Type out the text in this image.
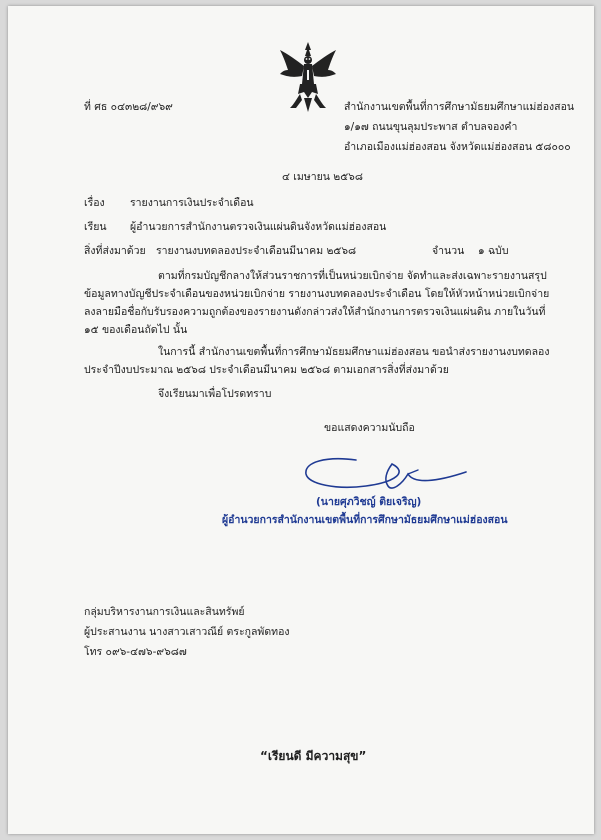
ที่ ศธ ๐๔๓๒๘/๙๖๙	สำนักงานเขตพื้นที่การศึกษามัธยมศึกษาแม่ฮ่องสอน
๑/๑๗ ถนนขุนลุมประพาส ตำบลจองคำ
อำเภอเมืองแม่ฮ่องสอน จังหวัดแม่ฮ่องสอน ๕๘๐๐๐
๔ เมษายน ๒๕๖๘
เรื่อง รายงานการเงินประจำเดือน
เรียน ผู้อำนวยการสำนักงานตรวจเงินแผ่นดินจังหวัดแม่ฮ่องสอน
สิ่งที่ส่งมาด้วย รายงานงบทดลองประจำเดือนมีนาคม ๒๕๖๘	จำนวน ๑ ฉบับ
ตามที่กรมบัญชีกลางให้ส่วนราชการที่เป็นหน่วยเบิกจ่าย จัดทำและส่งเฉพาะรายงานสรุป
ข้อมูลทางบัญชีประจำเดือนของหน่วยเบิกจ่าย รายงานงบทดลองประจำเดือน โดยให้หัวหน้าหน่วยเบิกจ่าย
ลงลายมือชื่อกับรับรองความถูกต้องของรายงานดังกล่าวส่งให้สำนักงานการตรวจเงินแผ่นดิน ภายในวันที่
๑๕ ของเดือนถัดไป นั้น
ในการนี้ สำนักงานเขตพื้นที่การศึกษามัธยมศึกษาแม่ฮ่องสอน ขอนำส่งรายงานงบทดลอง
ประจำปีงบประมาณ ๒๕๖๘ ประจำเดือนมีนาคม ๒๕๖๘ ตามเอกสารสิ่งที่ส่งมาด้วย
จึงเรียนมาเพื่อโปรดทราบ
ขอแสดงความนับถือ
(นายศุภวิชญ์ ติยเจริญ)
ผู้อำนวยการสำนักงานเขตพื้นที่การศึกษามัธยมศึกษาแม่ฮ่องสอน
กลุ่มบริหารงานการเงินและสินทรัพย์
ผู้ประสานงาน นางสาวเสาวณีย์ ตระกูลพัดทอง
โทร ๐๙๖-๔๗๖-๙๖๘๗
“เรียนดี มีความสุข”
